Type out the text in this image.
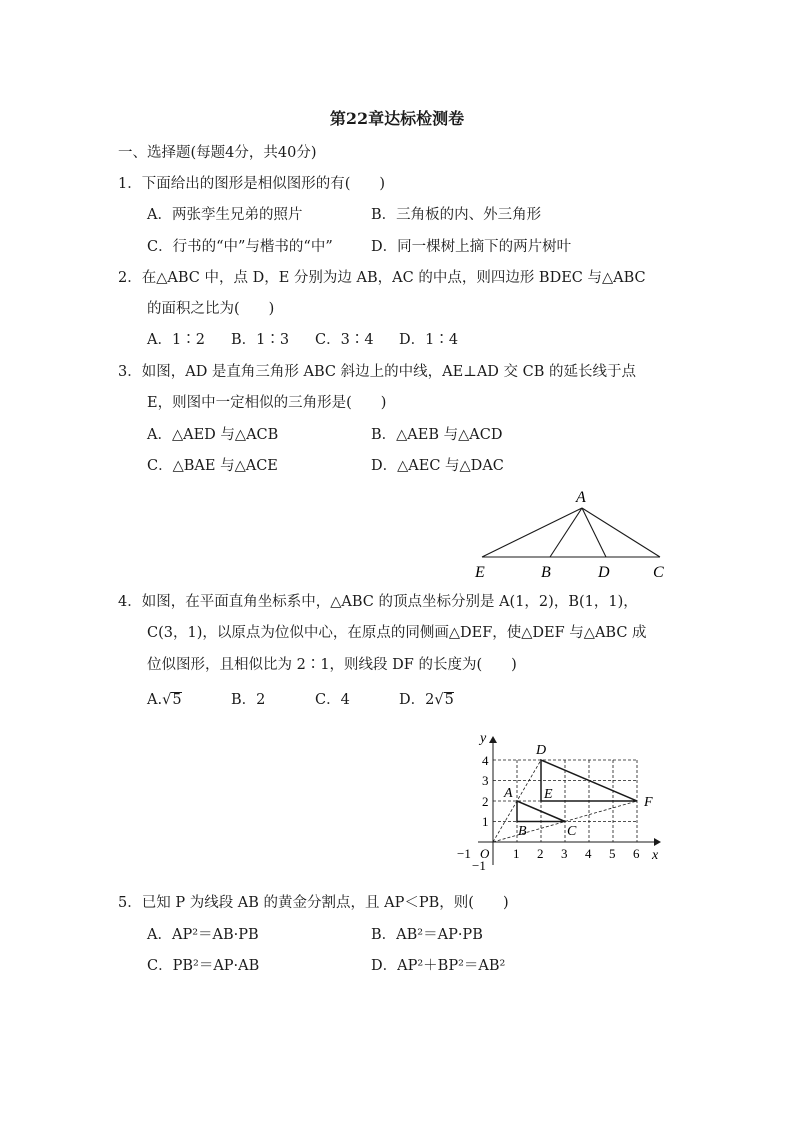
第22章达标检测卷
一、选择题(每题4分，共40分)
1．下面给出的图形是相似图形的有(　　)
A．两张孪生兄弟的照片	B．三角板的内、外三角形
C．行书的“中”与楷书的“中”	D．同一棵树上摘下的两片树叶
2．在△ABC 中，点 D，E 分别为边 AB，AC 的中点，则四边形 BDEC 与△ABC
的面积之比为(　　)
A．1∶2 B．1∶3 C．3∶4 D．1∶4
3．如图，AD 是直角三角形 ABC 斜边上的中线，AE⊥AD 交 CB 的延长线于点
E，则图中一定相似的三角形是(　　)
A．△AED 与△ACB	B．△AEB 与△ACD
C．△BAE 与△ACE	D．△AEC 与△DAC
A
E	B	D	C
4．如图，在平面直角坐标系中，△ABC 的顶点坐标分别是 A(1，2)，B(1，1)，
C(3，1)，以原点为位似中心，在原点的同侧画△DEF，使△DEF 与△ABC 成
位似图形，且相似比为 2∶1，则线段 DF 的长度为(　　)
A.√5	B．2	C．4	D．2√5
y
x
O
−1	1 2 3 4 5 6
4
3
2
1
−1
A
B	C
D
E
F
5．已知 P 为线段 AB 的黄金分割点，且 AP＜PB，则(　　)
A．AP²＝AB·PB	B．AB²＝AP·PB
C．PB²＝AP·AB	D．AP²＋BP²＝AB²
